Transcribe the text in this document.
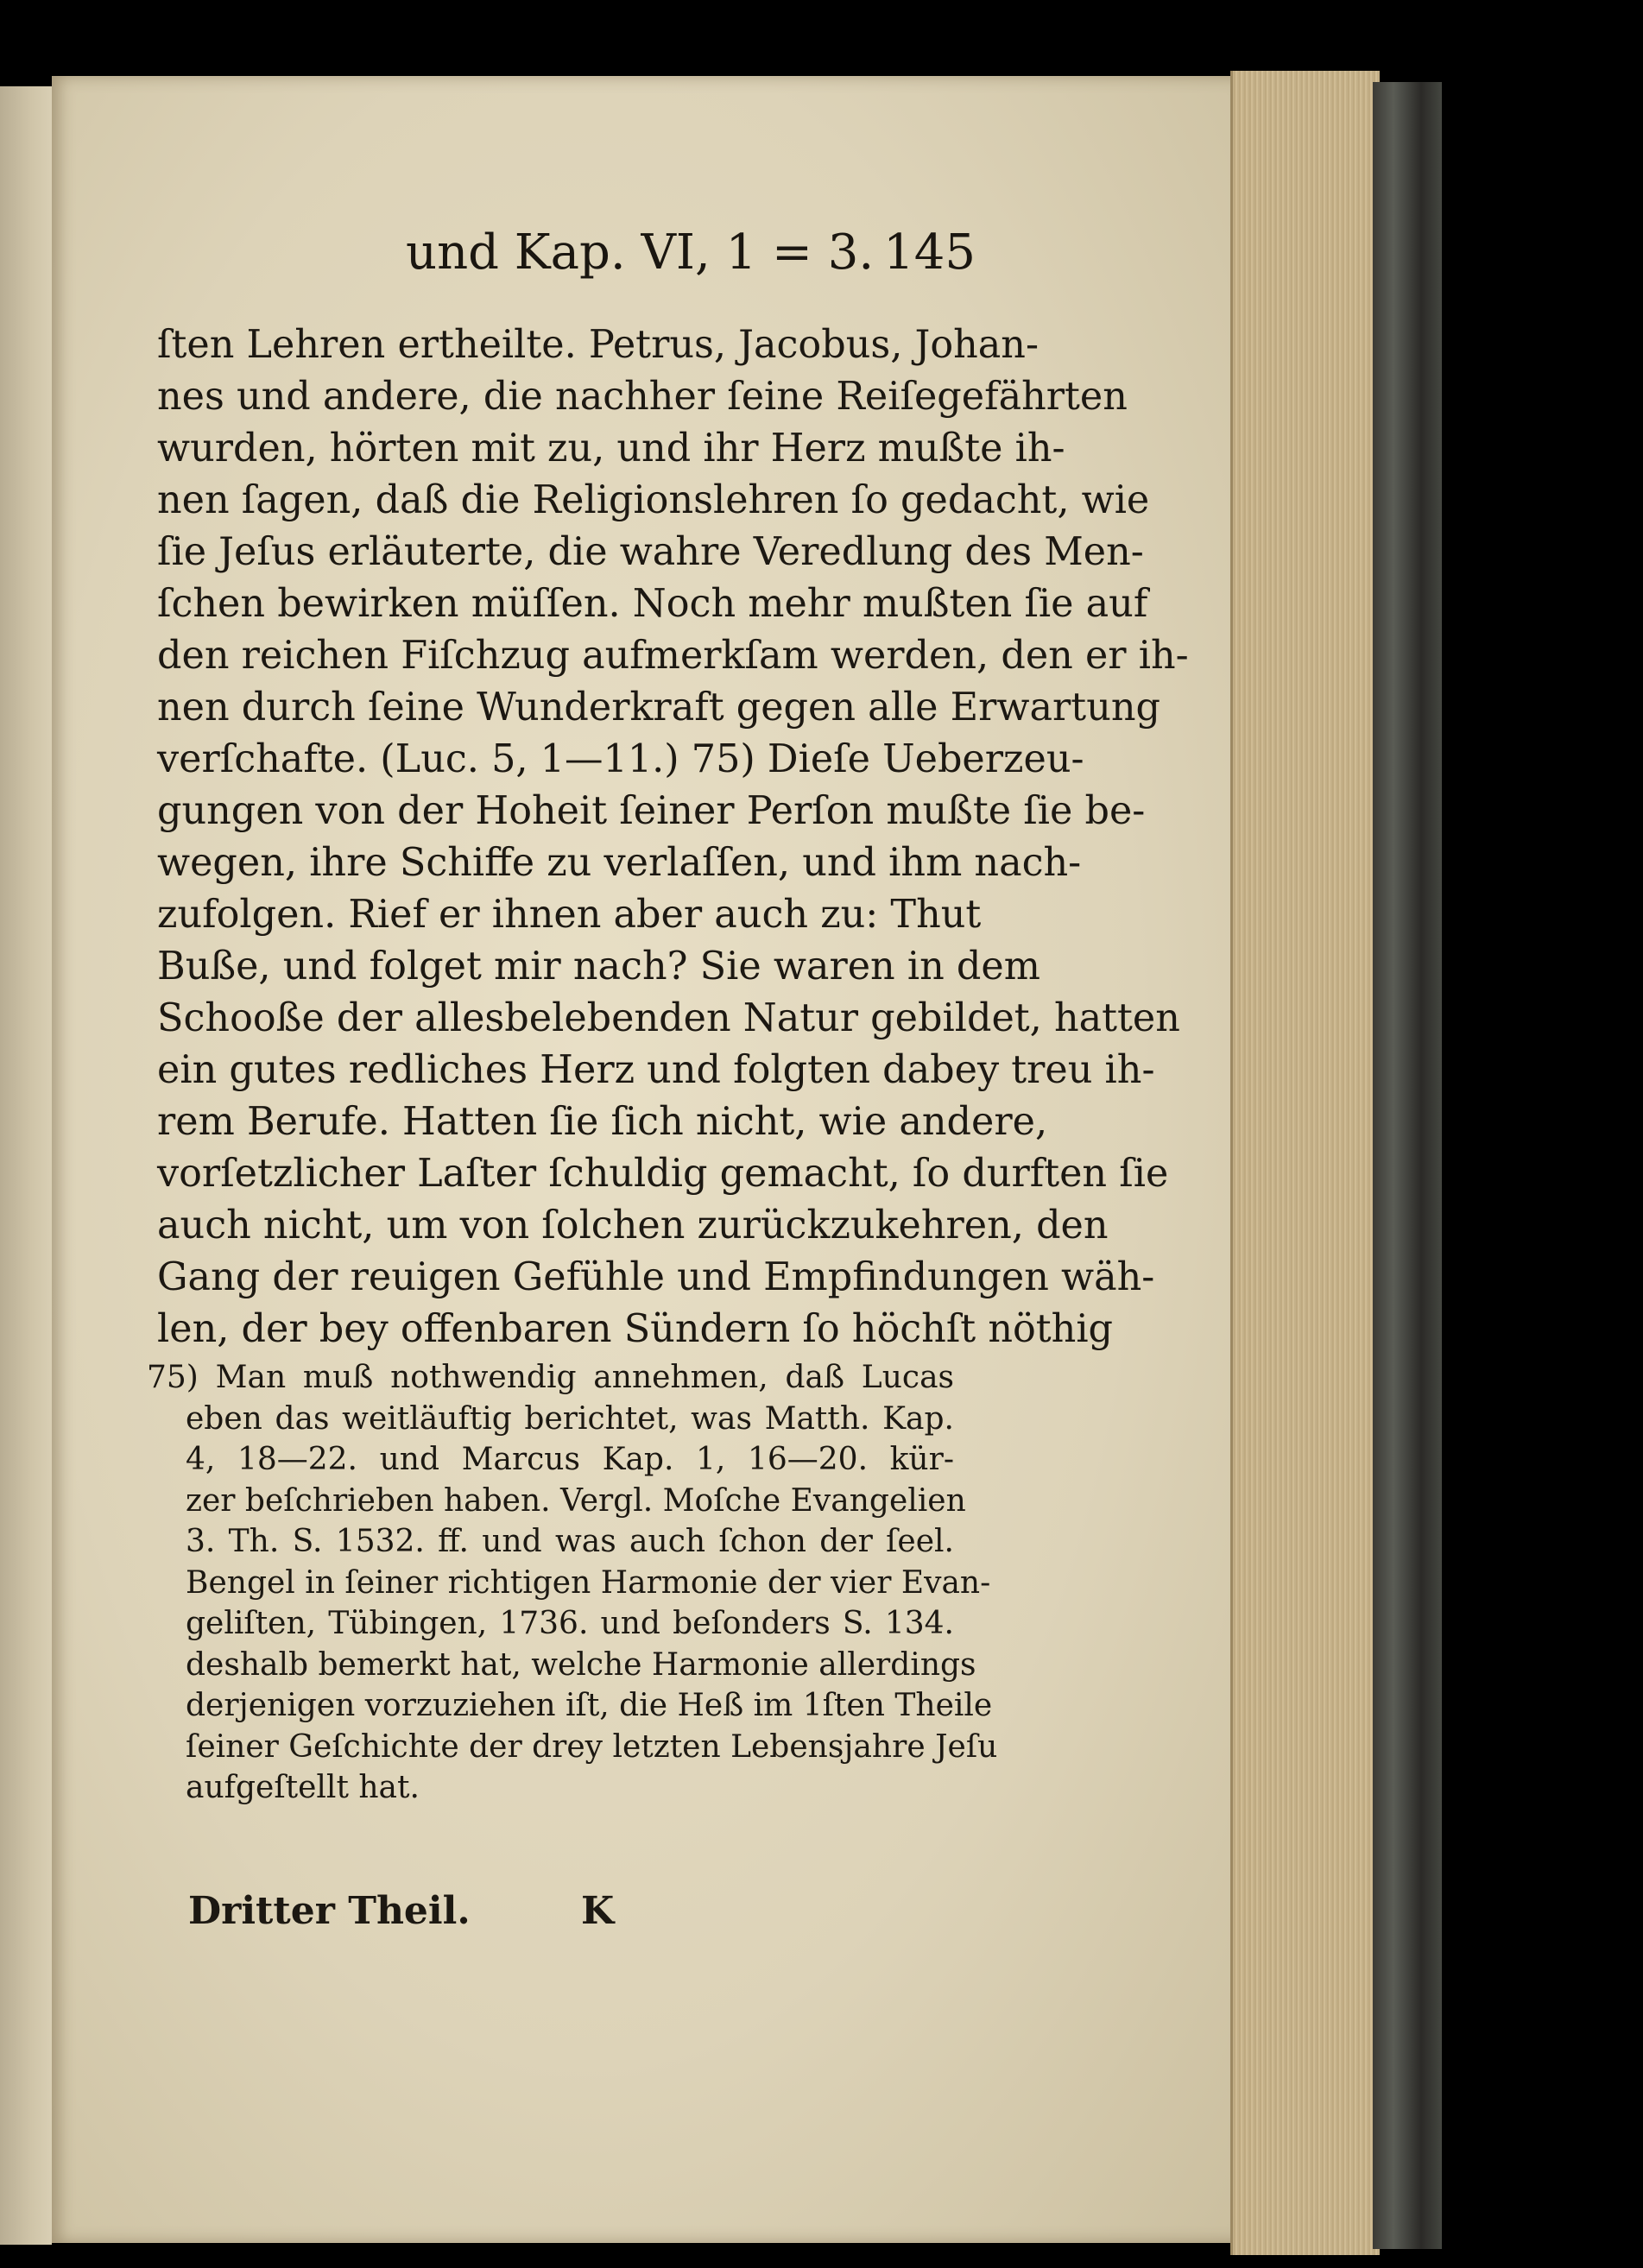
und Kap. VI, 1 = 3. 145
ſten Lehren ertheilte. Petrus, Jacobus, Johan-
nes und andere, die nachher ſeine Reiſegefährten
wurden, hörten mit zu, und ihr Herz mußte ih-
nen ſagen, daß die Religionslehren ſo gedacht, wie
ſie Jeſus erläuterte, die wahre Veredlung des Men-
ſchen bewirken müſſen. Noch mehr mußten ſie auf
den reichen Fiſchzug aufmerkſam werden, den er ih-
nen durch ſeine Wunderkraft gegen alle Erwartung
verſchafte. (Luc. 5, 1—11.) 75) Dieſe Ueberzeu-
gungen von der Hoheit ſeiner Perſon mußte ſie be-
wegen, ihre Schiffe zu verlaſſen, und ihm nach-
zufolgen. Rief er ihnen aber auch zu: Thut
Buße, und folget mir nach? Sie waren in dem
Schooße der allesbelebenden Natur gebildet, hatten
ein gutes redliches Herz und folgten dabey treu ih-
rem Berufe. Hatten ſie ſich nicht, wie andere,
vorſetzlicher Laſter ſchuldig gemacht, ſo durften ſie
auch nicht, um von ſolchen zurückzukehren, den
Gang der reuigen Gefühle und Empfindungen wäh-
len, der bey offenbaren Sündern ſo höchſt nöthig
75) Man muß nothwendig annehmen, daß Lucas
eben das weitläuftig berichtet, was Matth. Kap.
4, 18—22. und Marcus Kap. 1, 16—20. kür-
zer beſchrieben haben. Vergl. Moſche Evangelien
3. Th. S. 1532. ff. und was auch ſchon der ſeel.
Bengel in ſeiner richtigen Harmonie der vier Evan-
geliſten, Tübingen, 1736. und beſonders S. 134.
deshalb bemerkt hat, welche Harmonie allerdings
derjenigen vorzuziehen iſt, die Heß im 1ſten Theile
ſeiner Geſchichte der drey letzten Lebensjahre Jeſu
aufgeſtellt hat.
Dritter Theil.	K
